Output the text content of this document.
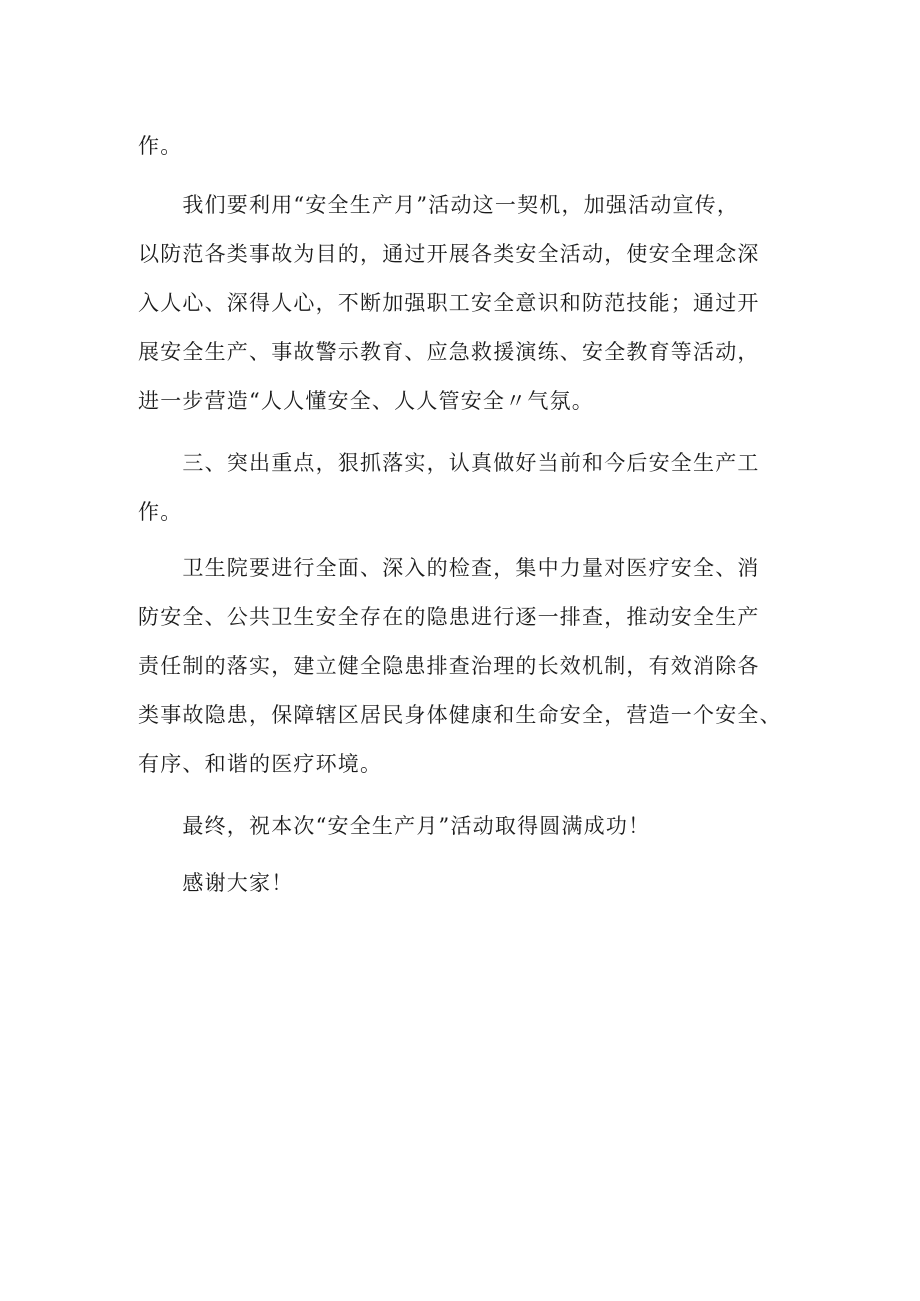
作。
　　我们要利用“安全生产月”活动这一契机，加强活动宣传，
以防范各类事故为目的，通过开展各类安全活动，使安全理念深
入人心、深得人心，不断加强职工安全意识和防范技能；通过开
展安全生产、事故警示教育、应急救援演练、安全教育等活动，
进一步营造“人人懂安全、人人管安全〃气氛。
　　三、突出重点，狠抓落实，认真做好当前和今后安全生产工
作。
　　卫生院要进行全面、深入的检查，集中力量对医疗安全、消
防安全、公共卫生安全存在的隐患进行逐一排查，推动安全生产
责任制的落实，建立健全隐患排查治理的长效机制，有效消除各
类事故隐患，保障辖区居民身体健康和生命安全，营造一个安全、
有序、和谐的医疗环境。
　　最终，祝本次“安全生产月”活动取得圆满成功！
　　感谢大家！
